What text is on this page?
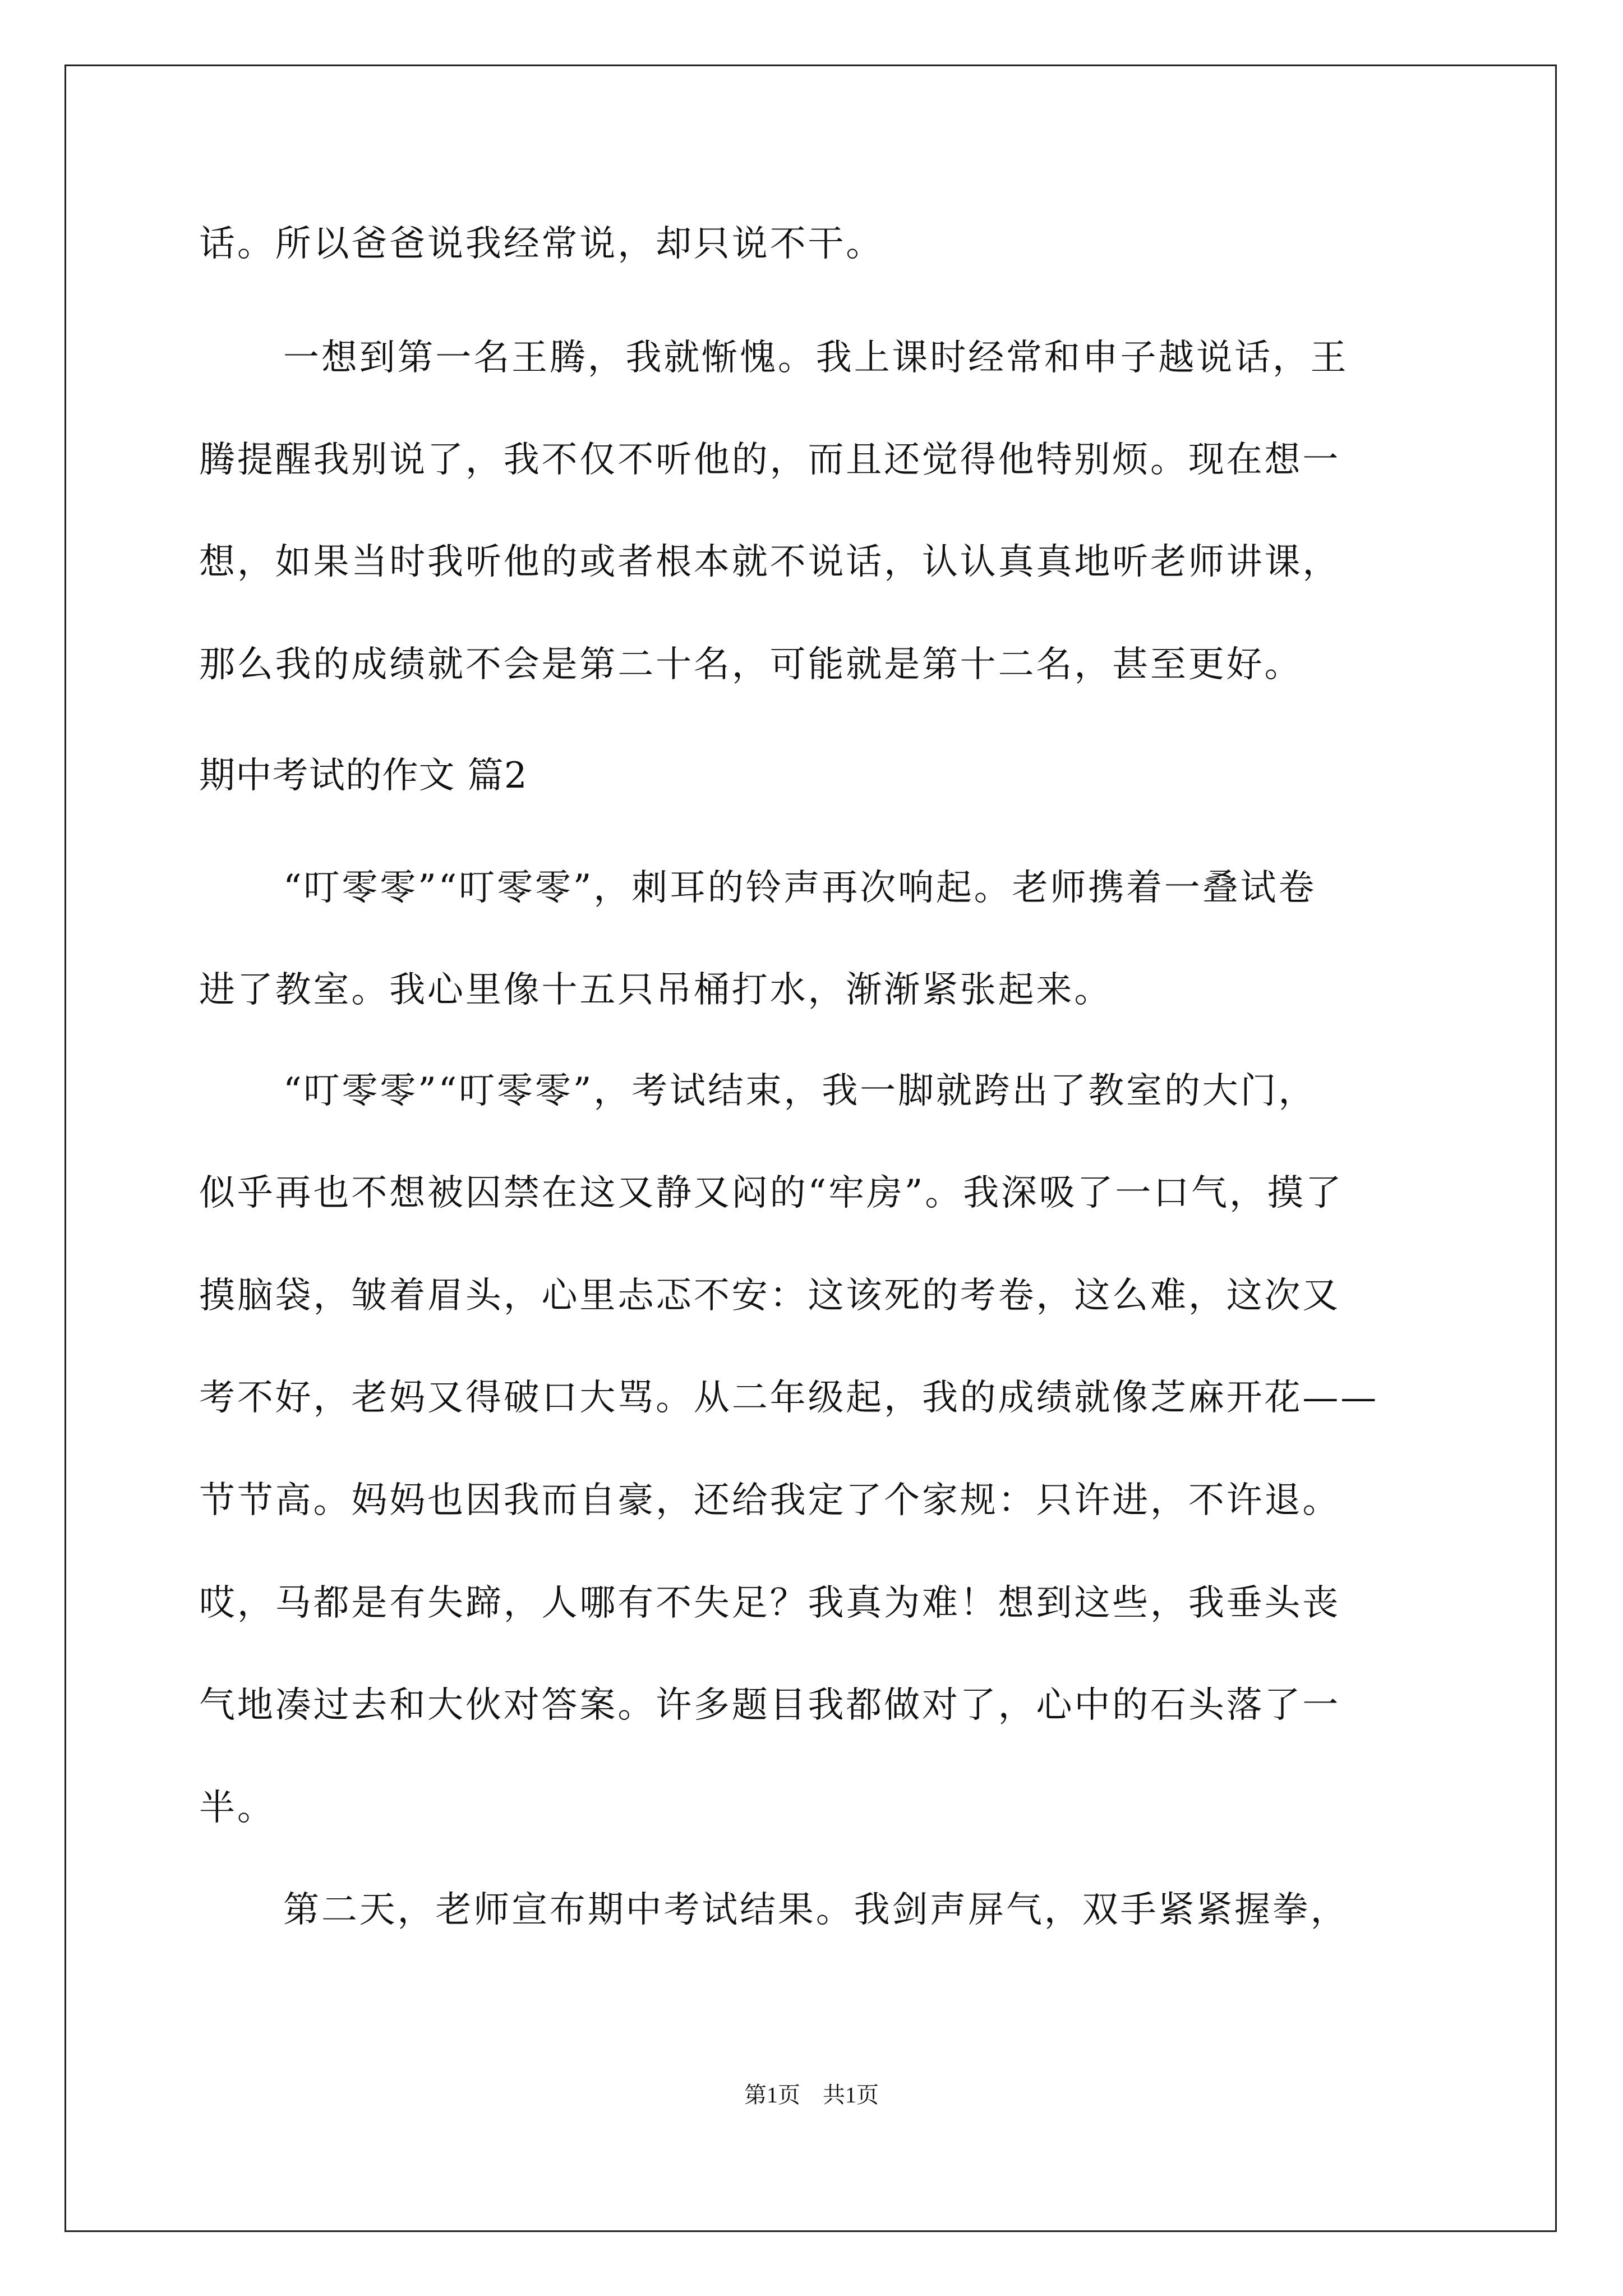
话。所以爸爸说我经常说，却只说不干。
一想到第一名王腾，我就惭愧。我上课时经常和申子越说话，王
腾提醒我别说了，我不仅不听他的，而且还觉得他特别烦。现在想一
想，如果当时我听他的或者根本就不说话，认认真真地听老师讲课，
那么我的成绩就不会是第二十名，可能就是第十二名，甚至更好。
期中考试的作文 篇2
“叮零零”“叮零零”，刺耳的铃声再次响起。老师携着一叠试卷
进了教室。我心里像十五只吊桶打水，渐渐紧张起来。
“叮零零”“叮零零”，考试结束，我一脚就跨出了教室的大门，
似乎再也不想被囚禁在这又静又闷的“牢房”。我深吸了一口气，摸了
摸脑袋，皱着眉头，心里忐忑不安：这该死的考卷，这么难，这次又
考不好，老妈又得破口大骂。从二年级起，我的成绩就像芝麻开花——
节节高。妈妈也因我而自豪，还给我定了个家规：只许进，不许退。
哎，马都是有失蹄，人哪有不失足？我真为难！想到这些，我垂头丧
气地凑过去和大伙对答案。许多题目我都做对了，心中的石头落了一
半。
第二天，老师宣布期中考试结果。我剑声屏气，双手紧紧握拳，
第1页　共1页
